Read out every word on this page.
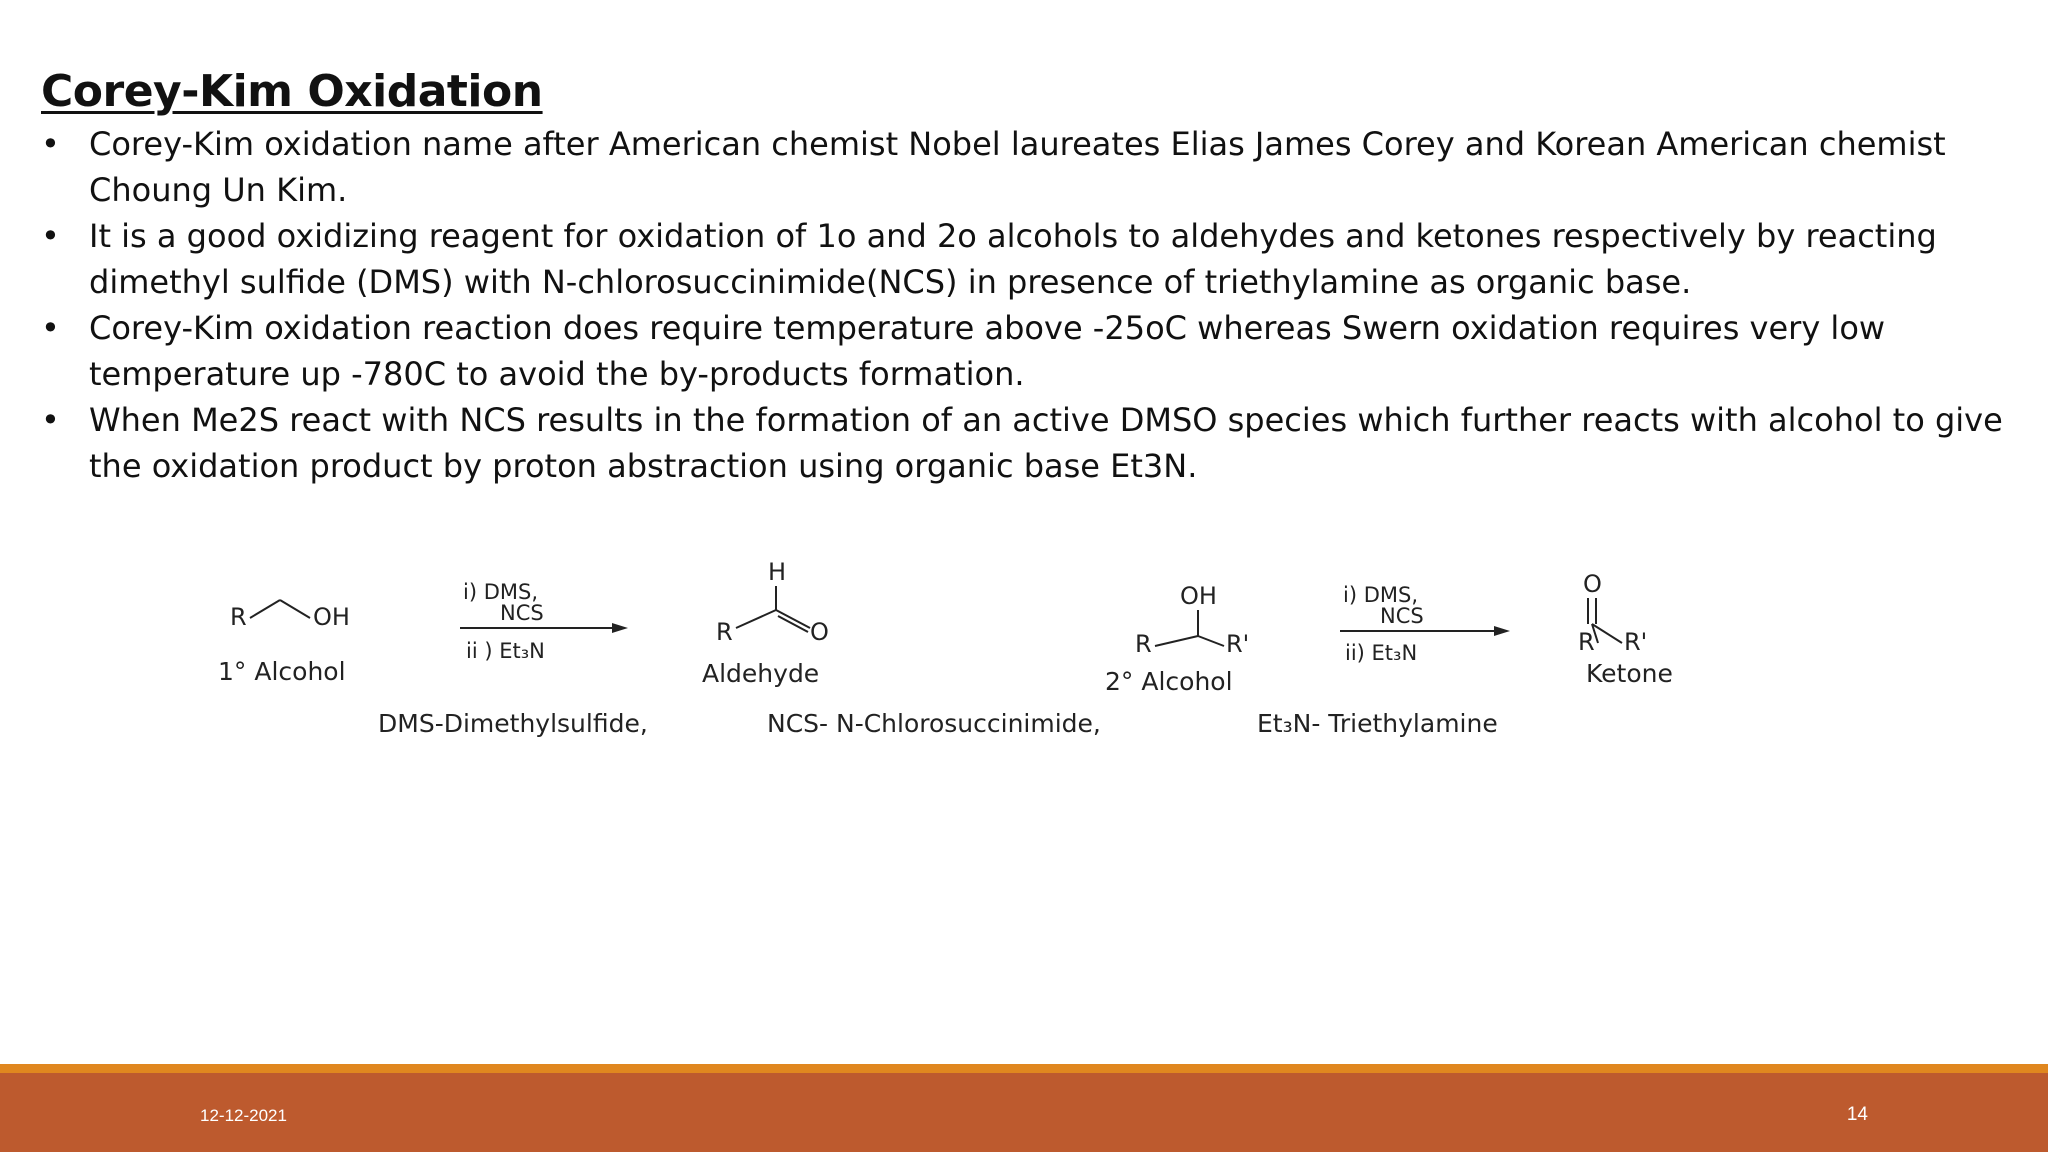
Corey-Kim Oxidation
• Corey-Kim oxidation name after American chemist Nobel laureates Elias James Corey and Korean American chemist Choung Un Kim.
• It is a good oxidizing reagent for oxidation of 1o and 2o alcohols to aldehydes and ketones respectively by reacting dimethyl sulfide (DMS) with N-chlorosuccinimide(NCS) in presence of triethylamine as organic base.
• Corey-Kim oxidation reaction does require temperature above -25oC whereas Swern oxidation requires very low temperature up -780C to avoid the by-products formation.
• When Me2S react with NCS results in the formation of an active DMSO species which further reacts with alcohol to give the oxidation product by proton abstraction using organic base Et3N.
R	OH
1° Alcohol
i) DMS,
NCS
ii ) Et₃N
H
R	O
Aldehyde
OH
R	R'
2° Alcohol
i) DMS,
NCS
ii) Et₃N
O
R R'
Ketone
DMS-Dimethylsulfide,	NCS- N-Chlorosuccinimide,	Et₃N- Triethylamine
12-12-2021	14
